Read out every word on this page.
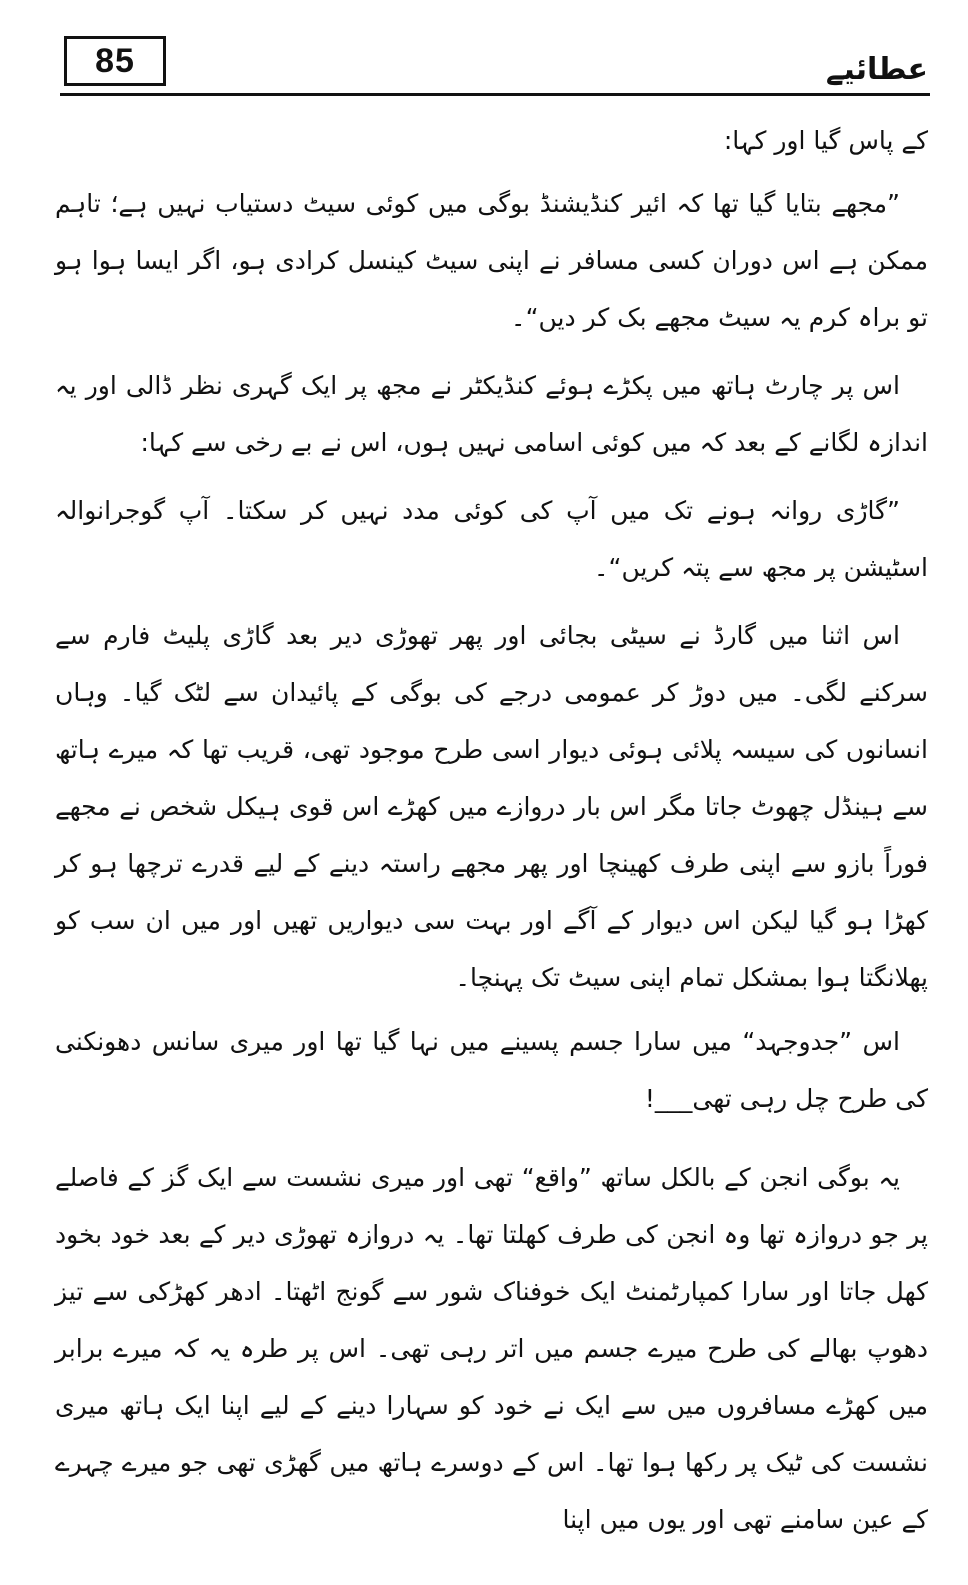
85	عطائیے

کے پاس گیا اور کہا:

”مجھے بتایا گیا تھا کہ ائیر کنڈیشنڈ بوگی میں کوئی سیٹ دستیاب نہیں ہے؛ تاہم ممکن ہے اس دوران کسی مسافر نے اپنی سیٹ کینسل کرادی ہو، اگر ایسا ہوا ہو تو براہ کرم یہ سیٹ مجھے بک کر دیں“۔

اس پر چارٹ ہاتھ میں پکڑے ہوئے کنڈیکٹر نے مجھ پر ایک گہری نظر ڈالی اور یہ اندازہ لگانے کے بعد کہ میں کوئی اسامی نہیں ہوں، اس نے بے رخی سے کہا:

”گاڑی روانہ ہونے تک میں آپ کی کوئی مدد نہیں کر سکتا۔ آپ گوجرانوالہ اسٹیشن پر مجھ سے پتہ کریں“۔

اس اثنا میں گارڈ نے سیٹی بجائی اور پھر تھوڑی دیر بعد گاڑی پلیٹ فارم سے سرکنے لگی۔ میں دوڑ کر عمومی درجے کی بوگی کے پائیدان سے لٹک گیا۔ وہاں انسانوں کی سیسہ پلائی ہوئی دیوار اسی طرح موجود تھی، قریب تھا کہ میرے ہاتھ سے ہینڈل چھوٹ جاتا مگر اس بار دروازے میں کھڑے اس قوی ہیکل شخص نے مجھے فوراً بازو سے اپنی طرف کھینچا اور پھر مجھے راستہ دینے کے لیے قدرے ترچھا ہو کر کھڑا ہو گیا لیکن اس دیوار کے آگے اور بہت سی دیواریں تھیں اور میں ان سب کو پھلانگتا ہوا بمشکل تمام اپنی سیٹ تک پہنچا۔

اس ”جدوجہد“ میں سارا جسم پسینے میں نہا گیا تھا اور میری سانس دھونکنی کی طرح چل رہی تھی___!

یہ بوگی انجن کے بالکل ساتھ ”واقع“ تھی اور میری نشست سے ایک گز کے فاصلے پر جو دروازہ تھا وہ انجن کی طرف کھلتا تھا۔ یہ دروازہ تھوڑی دیر کے بعد خود بخود کھل جاتا اور سارا کمپارٹمنٹ ایک خوفناک شور سے گونج اٹھتا۔ ادھر کھڑکی سے تیز دھوپ بھالے کی طرح میرے جسم میں اتر رہی تھی۔ اس پر طرہ یہ کہ میرے برابر میں کھڑے مسافروں میں سے ایک نے خود کو سہارا دینے کے لیے اپنا ایک ہاتھ میری نشست کی ٹیک پر رکھا ہوا تھا۔ اس کے دوسرے ہاتھ میں گھڑی تھی جو میرے چہرے کے عین سامنے تھی اور یوں میں اپنا
